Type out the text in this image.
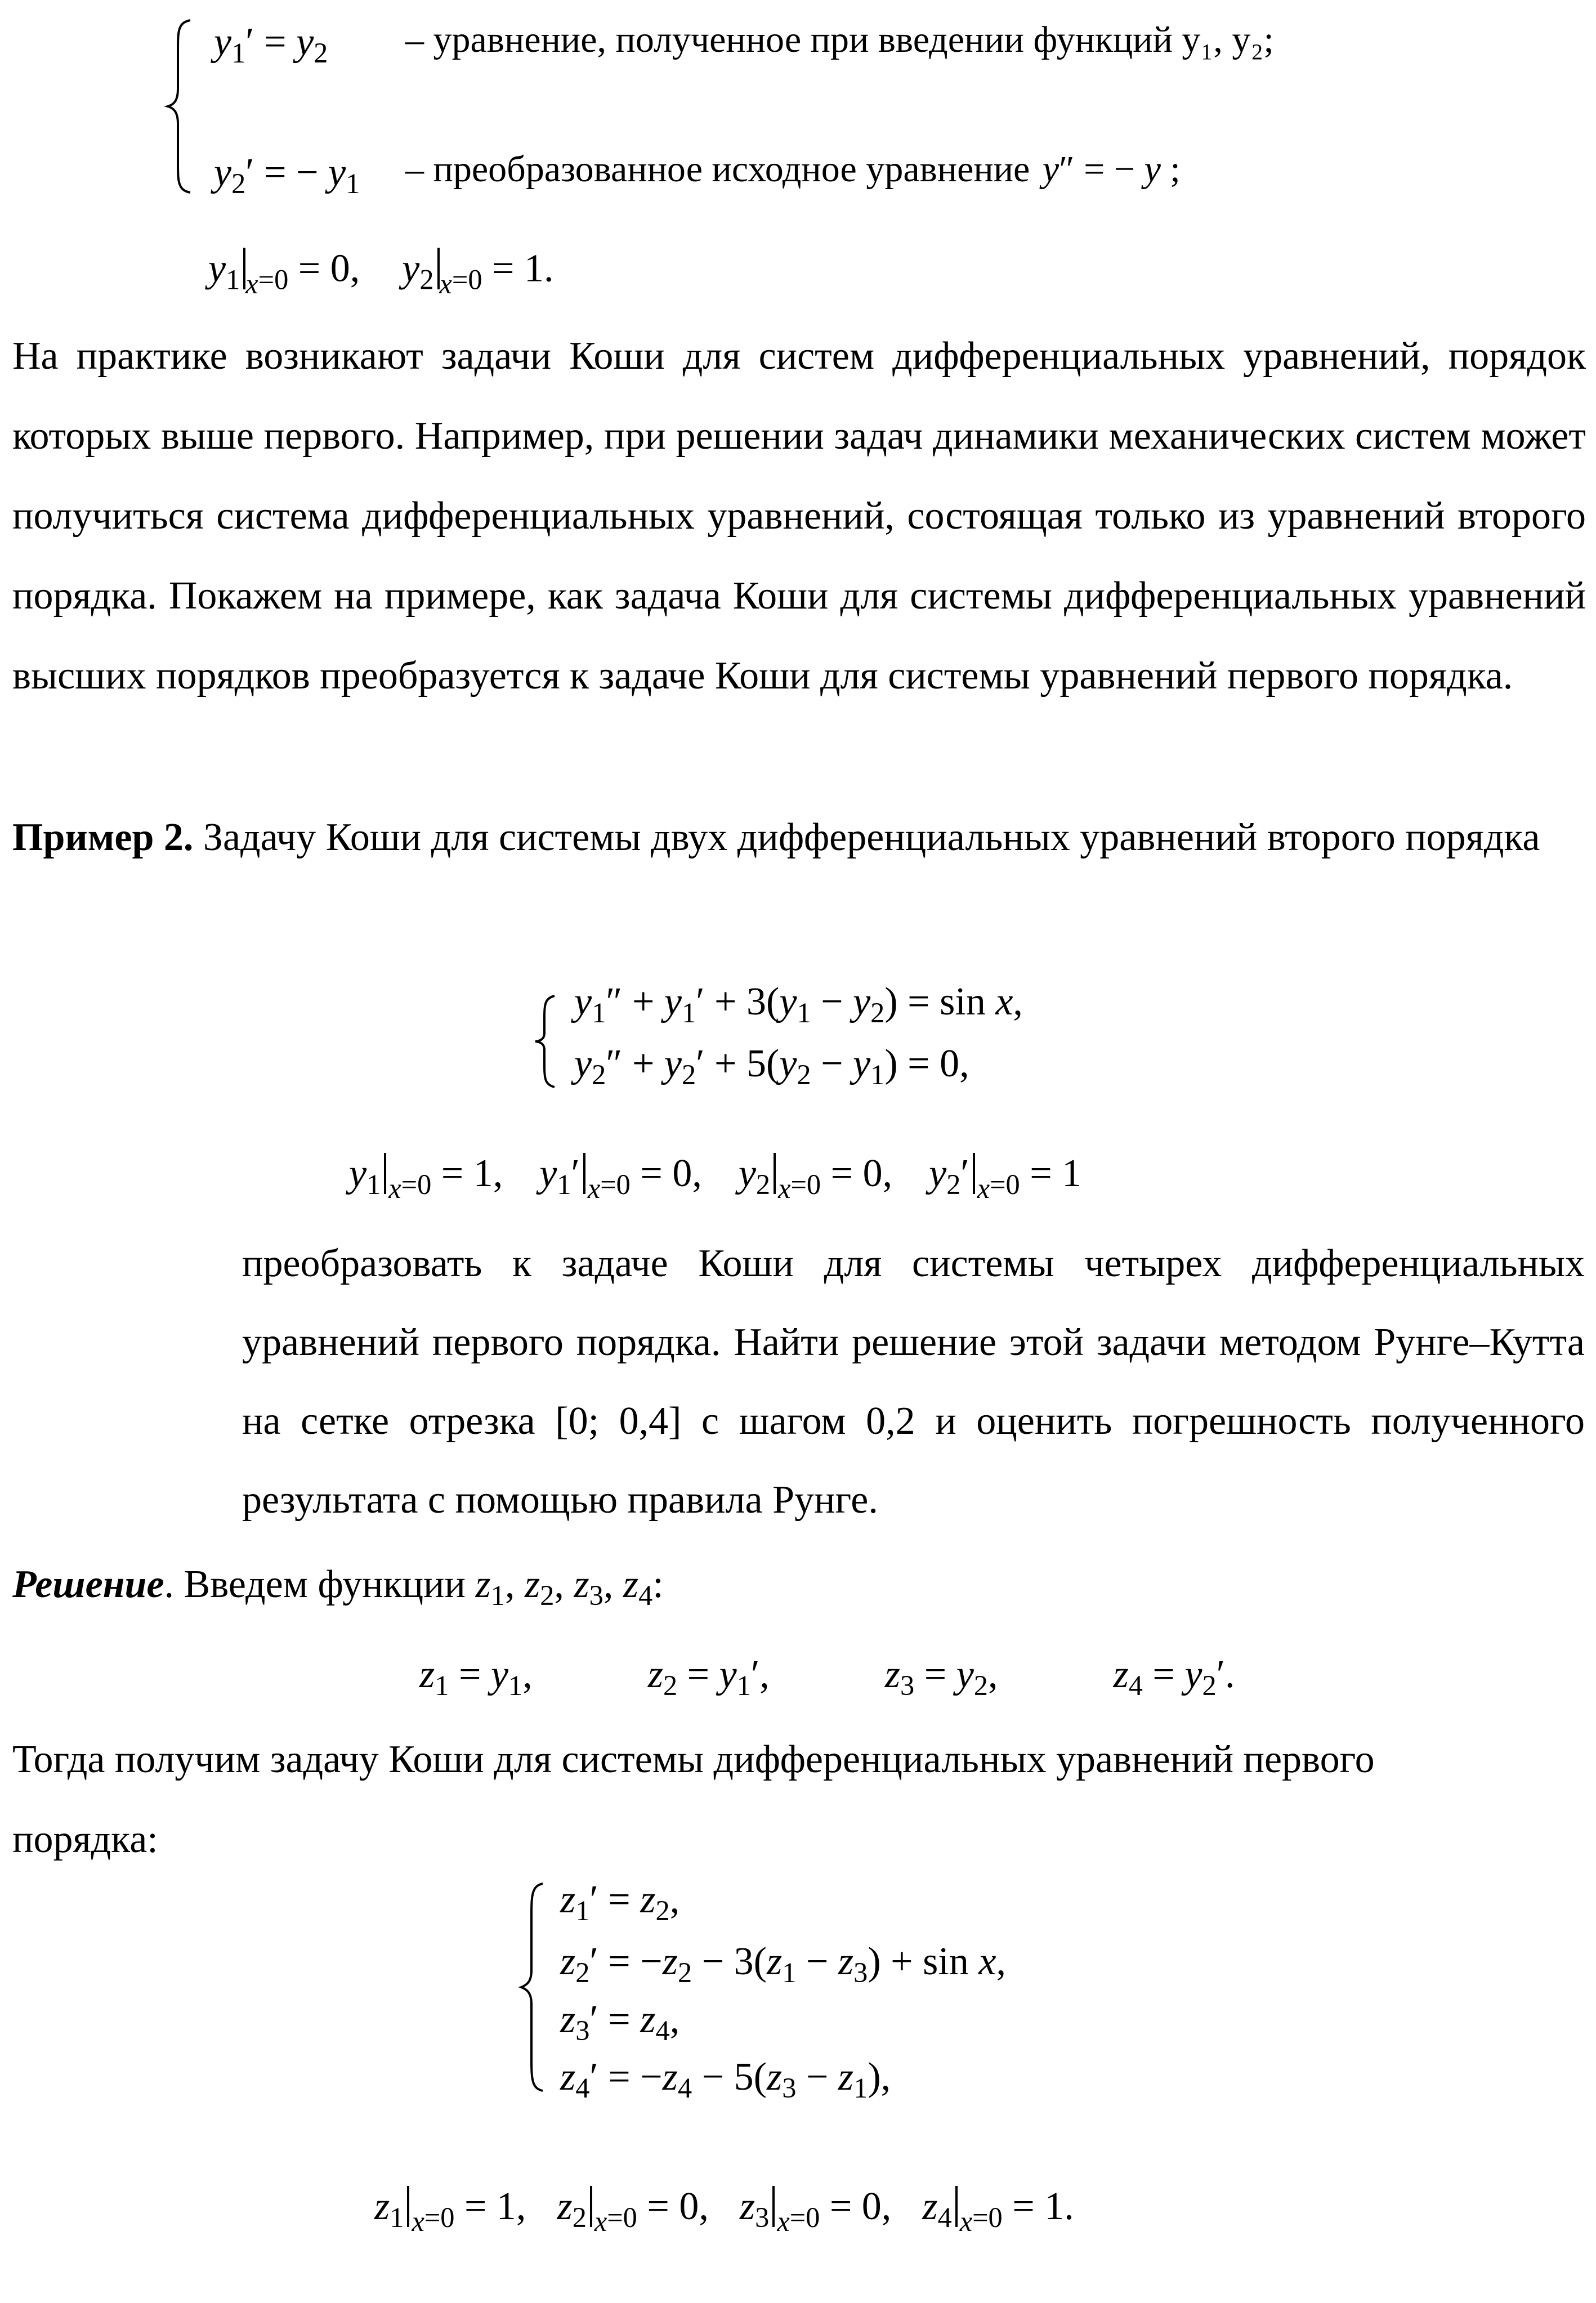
$y_1' = y_2$ – уравнение, полученное при введении функций y₁, y₂;
$y_2'$ = − $y_1$ – преобразованное исходное уравнение y″ = − y ;
$y_1$ $_{x=0}$ = 0, $y_2$ $_{x=0}$ = 1.
На практике возникают задачи Коши для систем дифференциальных уравнений, порядок которых выше первого. Например, при решении задач динамики механических систем может получиться система дифференциальных уравнений, состоящая только из уравнений второго порядка. Покажем на примере, как задача Коши для системы дифференциальных уравнений высших порядков преобразуется к задаче Коши для системы уравнений первого порядка.
Пример 2. Задачу Коши для системы двух дифференциальных уравнений второго порядка
$y_1'' + y_1' + 3(y_1 - y_2) = \sin x$,
$y_2'' + y_2' + 5(y_2 - y_1) = 0$,
$y_1$ $_{x=0}$ = 1,  $y_1'$ $_{x=0}$ = 0,  $y_2$ $_{x=0}$ = 0,  $y_2'$ $_{x=0}$ = 1
преобразовать к задаче Коши для системы четырех дифференциальных уравнений первого порядка. Найти решение этой задачи методом Рунге–Кутта на сетке отрезка [0; 0,4] с шагом 0,2 и оценить погрешность полученного результата с помощью правила Рунге.
Решение. Введем функции $z_1$, $z_2$, $z_3$, $z_4$:
$z_1 = y_1$,	$z_2 = y_1'$,	$z_3 = y_2$,	$z_4 = y_2'$.
Тогда получим задачу Коши для системы дифференциальных уравнений первого порядка:
$z_1' = z_2$,
$z_2' = -z_2 - 3(z_1 - z_3) + \sin x$,
$z_3' = z_4$,
$z_4' = -z_4 - 5(z_3 - z_1)$,
$z_1$ $_{x=0}$ = 1,  $z_2$ $_{x=0}$ = 0,  $z_3$ $_{x=0}$ = 0,  $z_4$ $_{x=0}$ = 1.
